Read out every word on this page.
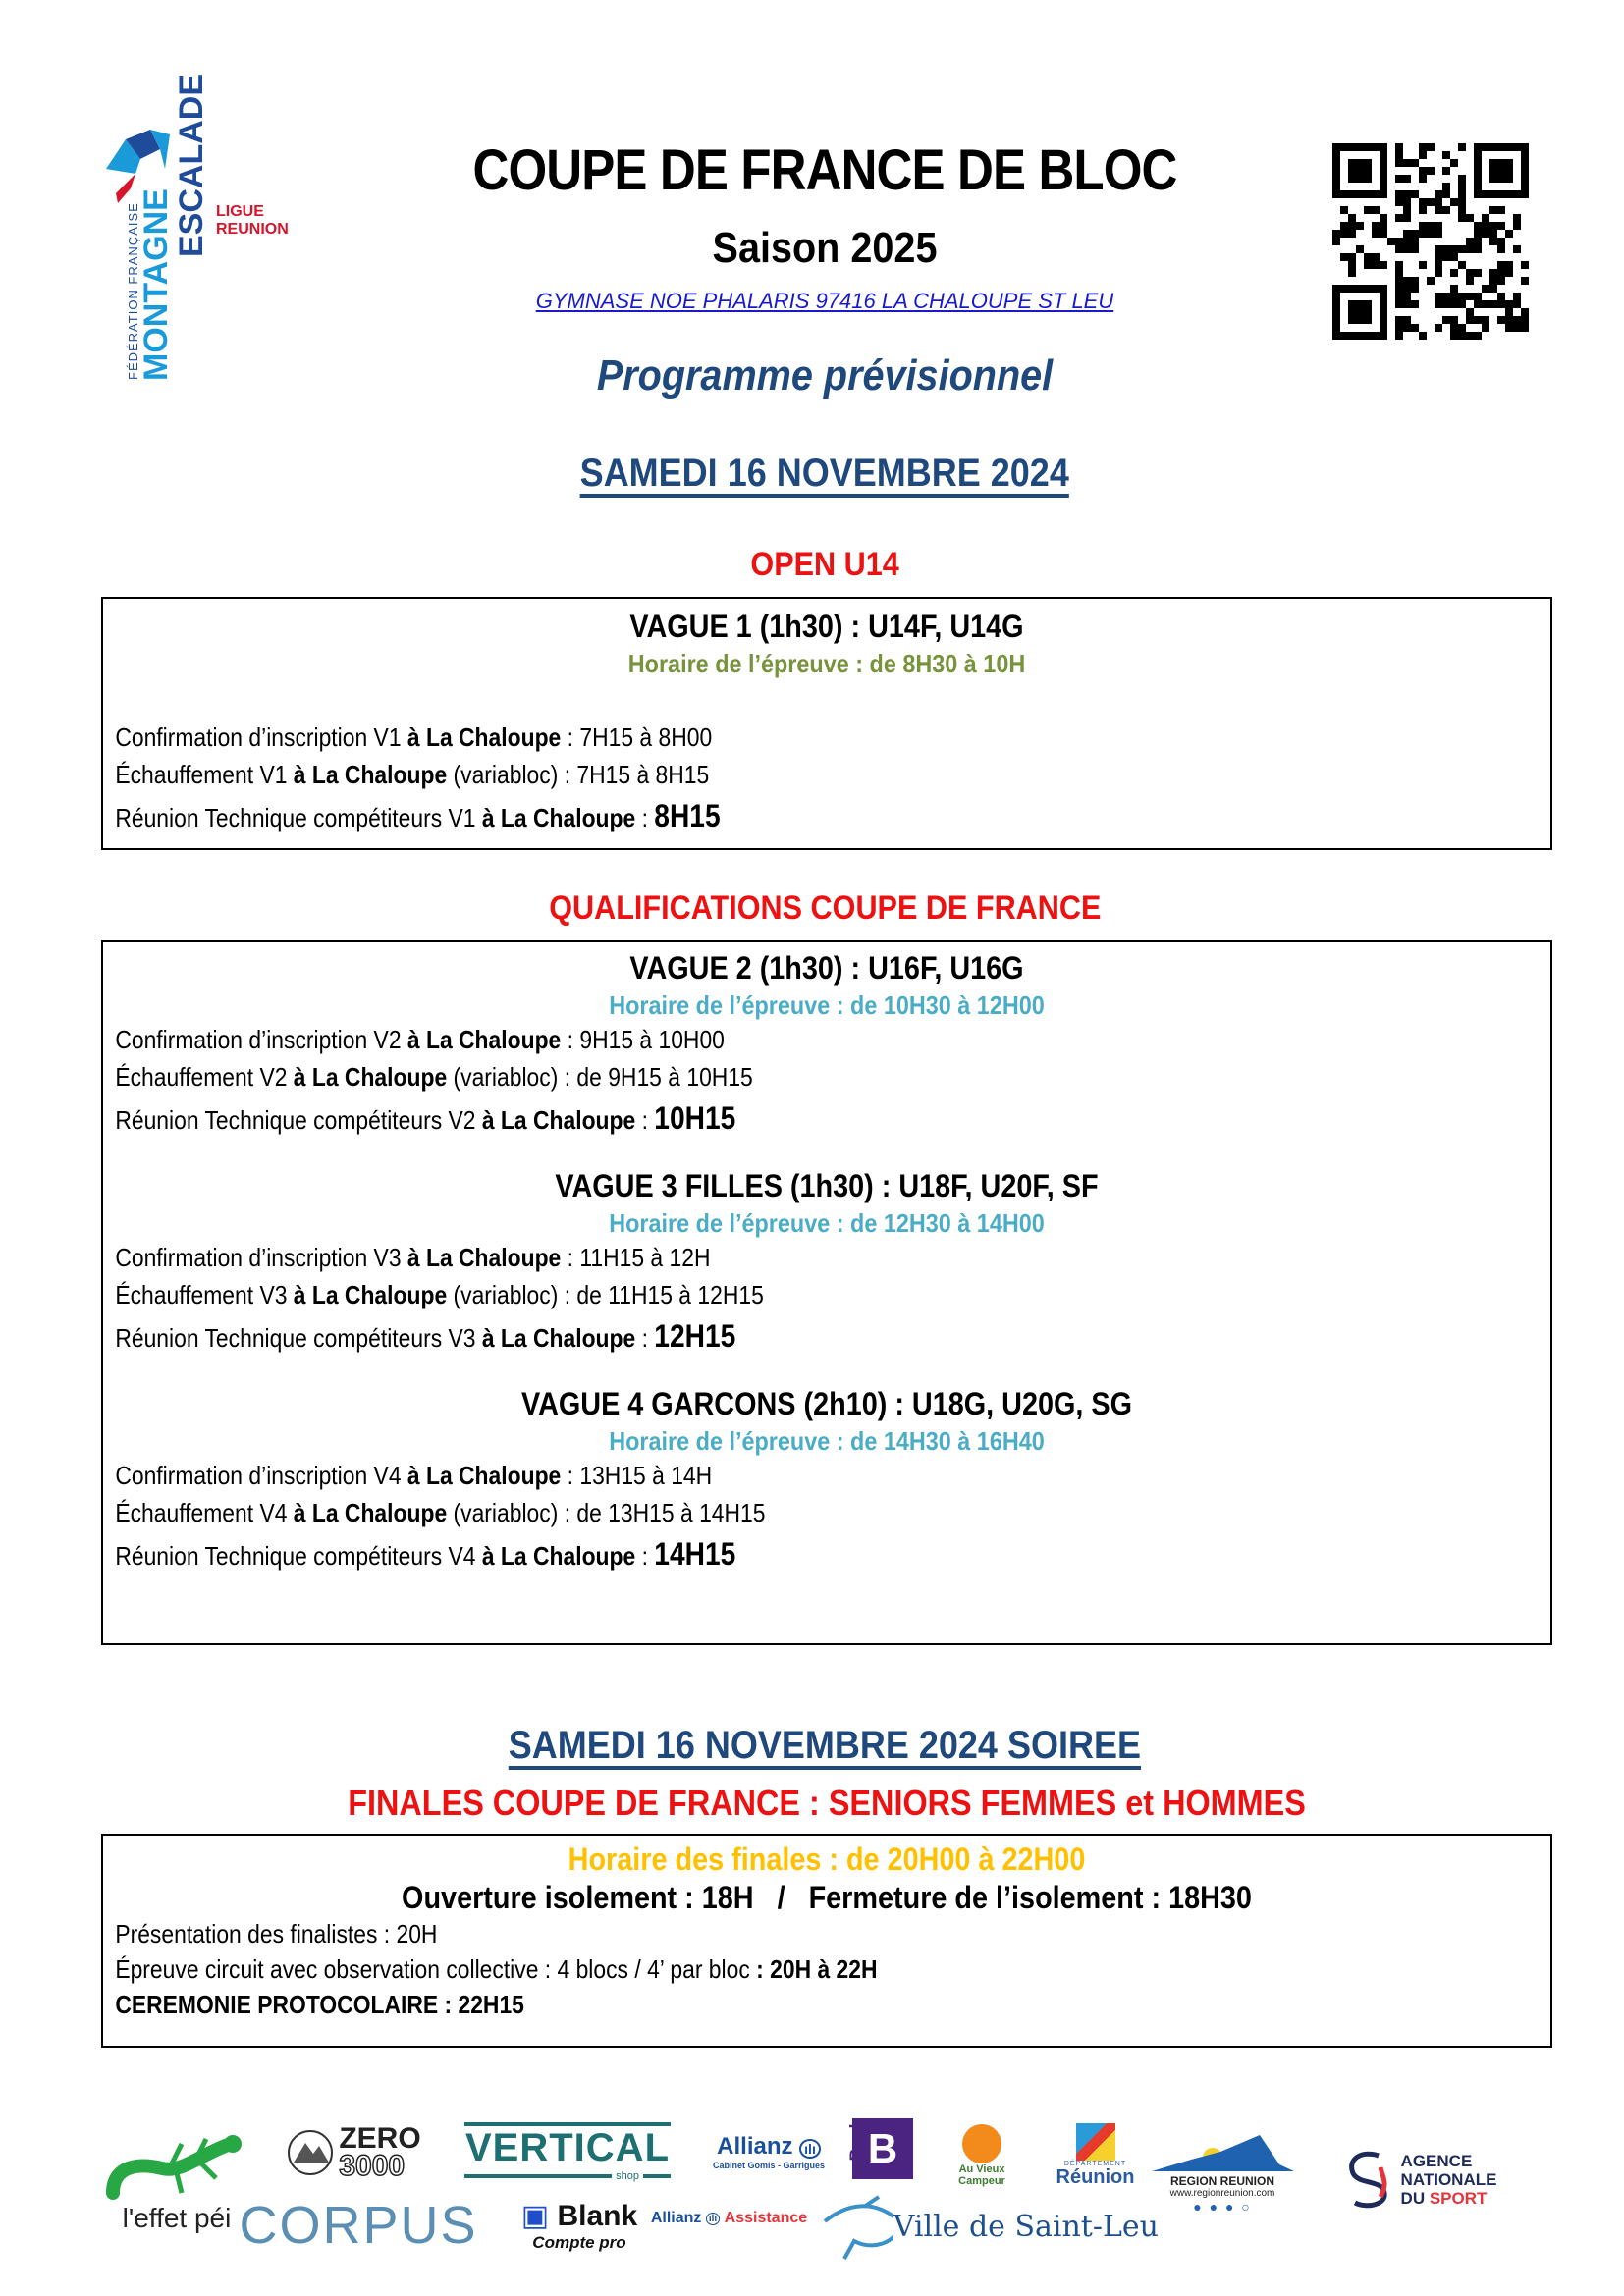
FÉDÉRATION FRANÇAISE
MONTAGNE
ESCALADE LIGUE
REUNION
COUPE DE FRANCE DE BLOC
Saison 2025
GYMNASE NOE PHALARIS 97416 LA CHALOUPE ST LEU
Programme prévisionnel
SAMEDI 16 NOVEMBRE 2024
OPEN U14
VAGUE 1 (1h30) : U14F, U14G
Horaire de l’épreuve : de 8H30 à 10H
Confirmation d’inscription V1 à La Chaloupe : 7H15 à 8H00
Échauffement V1 à La Chaloupe (variabloc) : 7H15 à 8H15
Réunion Technique compétiteurs V1 à La Chaloupe : 8H15
QUALIFICATIONS COUPE DE FRANCE
VAGUE 2 (1h30) : U16F, U16G
Horaire de l’épreuve : de 10H30 à 12H00
Confirmation d’inscription V2 à La Chaloupe : 9H15 à 10H00
Échauffement V2 à La Chaloupe (variabloc) : de 9H15 à 10H15
Réunion Technique compétiteurs V2 à La Chaloupe : 10H15
VAGUE 3 FILLES (1h30) : U18F, U20F, SF
Horaire de l’épreuve : de 12H30 à 14H00
Confirmation d’inscription V3 à La Chaloupe : 11H15 à 12H
Échauffement V3 à La Chaloupe (variabloc) : de 11H15 à 12H15
Réunion Technique compétiteurs V3 à La Chaloupe : 12H15
VAGUE 4 GARCONS (2h10) : U18G, U20G, SG
Horaire de l’épreuve : de 14H30 à 16H40
Confirmation d’inscription V4 à La Chaloupe : 13H15 à 14H
Échauffement V4 à La Chaloupe (variabloc) : de 13H15 à 14H15
Réunion Technique compétiteurs V4 à La Chaloupe : 14H15
SAMEDI 16 NOVEMBRE 2024 SOIREE
FINALES COUPE DE FRANCE : SENIORS FEMMES et HOMMES
Horaire des finales : de 20H00 à 22H00
Ouverture isolement : 18H   /   Fermeture de l’isolement : 18H30
Présentation des finalistes : 20H
Épreuve circuit avec observation collective : 4 blocs / 4’ par bloc : 20H à 22H
CEREMONIE PROTOCOLAIRE : 22H15
l'effet péi
ZERO
3000
CORPUS
VERTICAL
shop
▣ Blank
Compte pro
Allianz ılı
Cabinet Gomis - Garrigues
Allianz
ılı
Assistance
Beal B
Ville de Saint-Leu
Au Vieux
Campeur
DÉPARTEMENT
Réunion	REGION REUNION
www.regionreunion.com
● ● ● ○
AGENCE
NATIONALE
DU SPORT
